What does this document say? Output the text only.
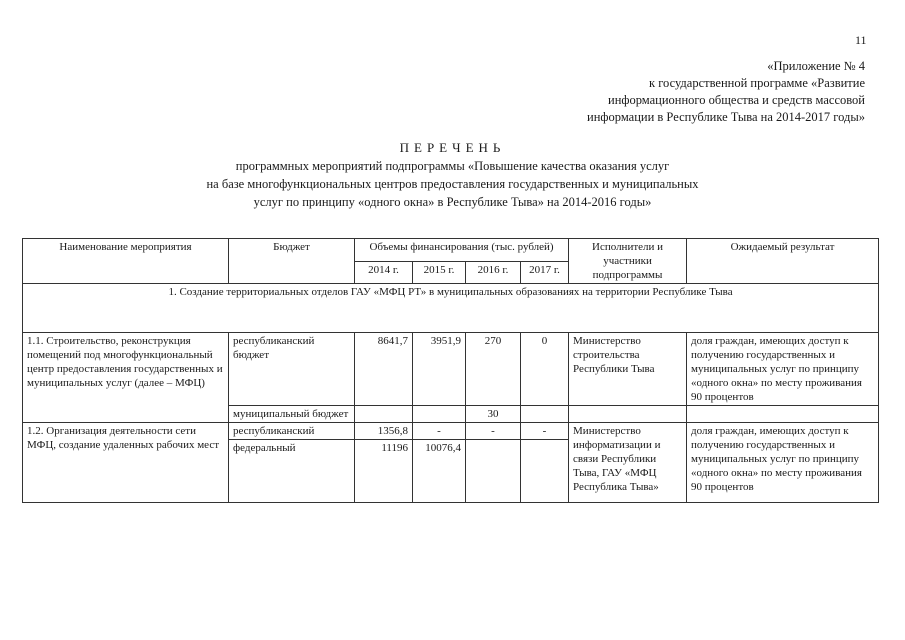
11
«Приложение № 4
к государственной программе «Развитие
информационного общества и средств массовой
информации в Республике Тыва на 2014-2017 годы»
ПЕРЕЧЕНЬ
программных мероприятий подпрограммы «Повышение качества оказания услуг
на базе многофункциональных центров предоставления государственных и муниципальных
услуг по принципу «одного окна» в Республике Тыва» на 2014-2016 годы»
Наименование мероприятия	Бюджет	Объемы финансирования (тыс. рублей)				Исполнители и участники подпрограммы	Ожидаемый результат
		2014 г.	2015 г.	2016 г.	2017 г.		
1. Создание территориальных отделов ГАУ «МФЦ РТ» в муниципальных образованиях на территории Республике Тыва							
1.1. Строительство, реконструкция помещений под многофункциональный центр предоставления государственных и муниципальных услуг (далее – МФЦ)	республиканский бюджет	8641,7	3951,9	270	0	Министерство строительства Республики Тыва	доля граждан, имеющих доступ к получению государственных и муниципальных услуг по принципу «одного окна» по месту проживания 90 процентов
	муниципальный бюджет			30			
1.2. Организация деятельности сети МФЦ, создание удаленных рабочих мест	республиканский	1356,8	-	-	-	Министерство информатизации и связи Республики Тыва, ГАУ «МФЦ Республика Тыва»	доля граждан, имеющих доступ к получению государственных и муниципальных услуг по принципу «одного окна» по месту проживания 90 процентов
	федеральный	11196	10076,4				
